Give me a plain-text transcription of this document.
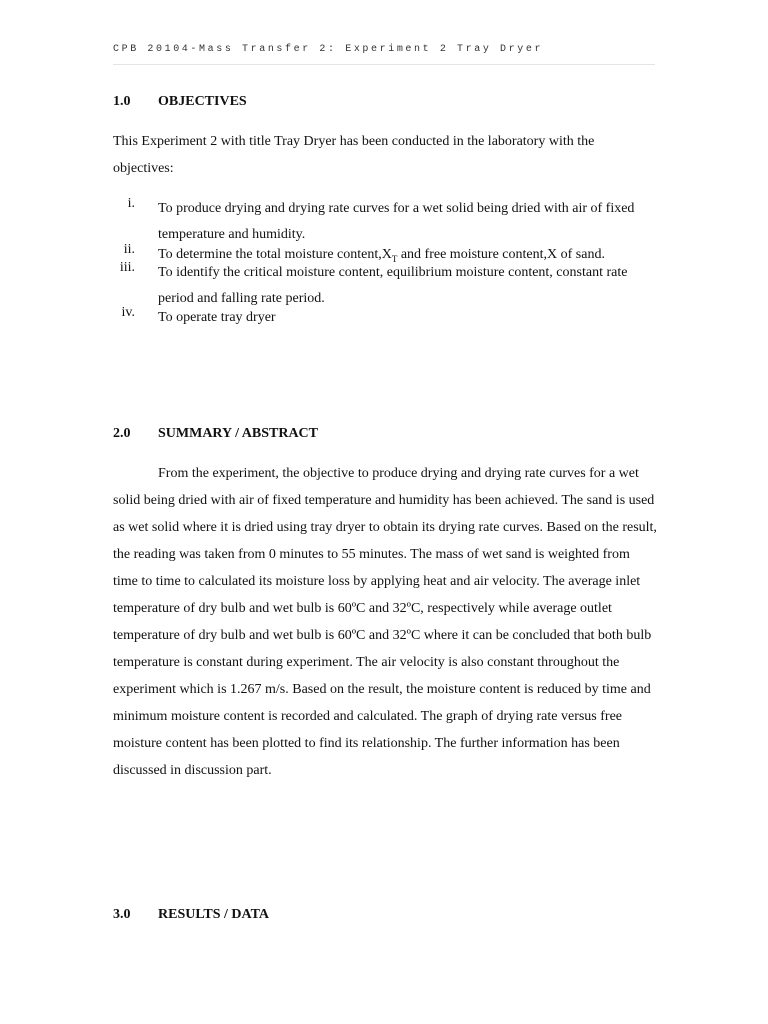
CPB 20104-Mass Transfer 2: Experiment 2 Tray Dryer
1.0 OBJECTIVES

This Experiment 2 with title Tray Dryer has been conducted in the laboratory with the objectives:

i. To produce drying and drying rate curves for a wet solid being dried with air of fixed temperature and humidity.
ii. To determine the total moisture $content,X_T$ and free moisture content,X of sand.
iii. To identify the critical moisture content, equilibrium moisture content, constant rate period and falling rate period.
iv. To operate tray dryer
2.0 SUMMARY / ABSTRACT

From the experiment, the objective to produce drying and drying rate curves for a wet solid being dried with air of fixed temperature and humidity has been achieved. The sand is used as wet solid where it is dried using tray dryer to obtain its drying rate curves. Based on the result, the reading was taken from 0 minutes to 55 minutes. The mass of wet sand is weighted from time to time to calculated its moisture loss by applying heat and air velocity. The average inlet temperature of dry bulb and wet bulb is 60ºC and 32ºC, respectively while average outlet temperature of dry bulb and wet bulb is 60ºC and 32ºC where it can be concluded that both bulb temperature is constant during experiment. The air velocity is also constant throughout the experiment which is 1.267 m/s. Based on the result, the moisture content is reduced by time and minimum moisture content is recorded and calculated. The graph of drying rate versus free moisture content has been plotted to find its relationship. The further information has been discussed in discussion part.

3.0 RESULTS / DATA
